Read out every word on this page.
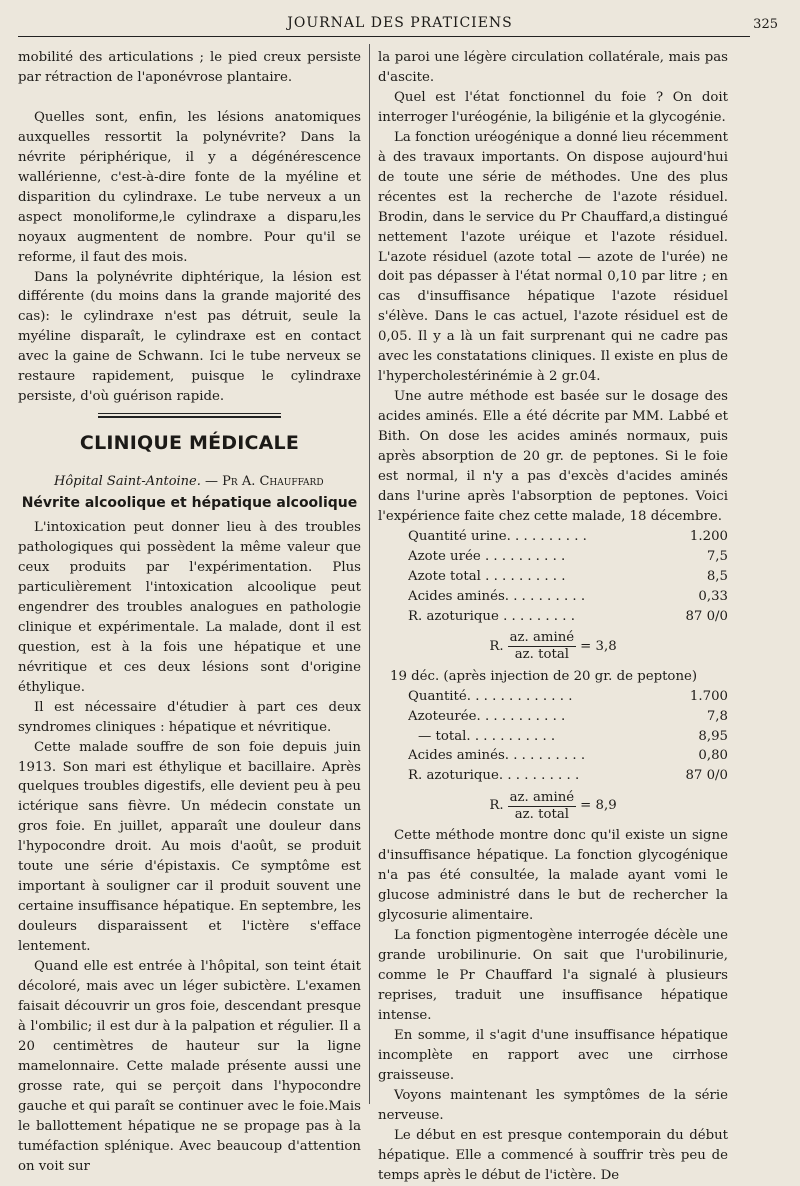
JOURNAL DES PRATICIENS	325

mobilité des articulations ; le pied creux persiste par rétraction de l'aponévrose plantaire.

Quelles sont, enfin, les lésions anatomiques auxquelles ressortit la polynévrite? Dans la névrite périphérique, il y a dégénérescence wallérienne, c'est-à-dire fonte de la myéline et disparition du cylindraxe. Le tube nerveux a un aspect monoliforme,le cylindraxe a disparu,les noyaux augmentent de nombre. Pour qu'il se reforme, il faut des mois.

Dans la polynévrite diphtérique, la lésion est différente (du moins dans la grande majorité des cas): le cylindraxe n'est pas détruit, seule la myéline disparaît, le cylindraxe est en contact avec la gaine de Schwann. Ici le tube nerveux se restaure rapidement, puisque le cylindraxe persiste, d'où guérison rapide.

CLINIQUE MÉDICALE
Hôpital Saint-Antoine. — Pr A. Chauffard
Névrite alcoolique et hépatique alcoolique

L'intoxication peut donner lieu à des troubles pathologiques qui possèdent la même valeur que ceux produits par l'expérimentation. Plus particulièrement l'intoxication alcoolique peut engendrer des troubles analogues en pathologie clinique et expérimentale. La malade, dont il est question, est à la fois une hépatique et une névritique et ces deux lésions sont d'origine éthylique.

Il est nécessaire d'étudier à part ces deux syndromes cliniques : hépatique et névritique.

Cette malade souffre de son foie depuis juin 1913. Son mari est éthylique et bacillaire. Après quelques troubles digestifs, elle devient peu à peu ictérique sans fièvre. Un médecin constate un gros foie. En juillet, apparaît une douleur dans l'hypocondre droit. Au mois d'août, se produit toute une série d'épistaxis. Ce symptôme est important à souligner car il produit souvent une certaine insuffisance hépatique. En septembre, les douleurs disparaissent et l'ictère s'efface lentement.

Quand elle est entrée à l'hôpital, son teint était décoloré, mais avec un léger subictère. L'examen faisait découvrir un gros foie, descendant presque à l'ombilic; il est dur à la palpation et régulier. Il a 20 centimètres de hauteur sur la ligne mamelonnaire. Cette malade présente aussi une grosse rate, qui se perçoit dans l'hypocondre gauche et qui paraît se continuer avec le foie.Mais le ballottement hépatique ne se propage pas à la tuméfaction splénique. Avec beaucoup d'attention on voit sur

la paroi une légère circulation collatérale, mais pas d'ascite.

Quel est l'état fonctionnel du foie ? On doit interroger l'uréogénie, la biligénie et la glycogénie.

La fonction uréogénique a donné lieu récemment à des travaux importants. On dispose aujourd'hui de toute une série de méthodes. Une des plus récentes est la recherche de l'azote résiduel. Brodin, dans le service du Pr Chauffard,a distingué nettement l'azote uréique et l'azote résiduel. L'azote résiduel (azote total — azote de l'urée) ne doit pas dépasser à l'état normal 0,10 par litre ; en cas d'insuffisance hépatique l'azote résiduel s'élève. Dans le cas actuel, l'azote résiduel est de 0,05. Il y a là un fait surprenant qui ne cadre pas avec les constatations cliniques. Il existe en plus de l'hypercholestérinémie à 2 gr.04.

Une autre méthode est basée sur le dosage des acides aminés. Elle a été décrite par MM. Labbé et Bith. On dose les acides aminés normaux, puis après absorption de 20 gr. de peptones. Si le foie est normal, il n'y a pas d'excès d'acides aminés dans l'urine après l'absorption de peptones. Voici l'expérience faite chez cette malade, 18 décembre.

Quantité urine. . . . . . . . . .	1.200
Azote urée . . . . . . . . . .	7,5
Azote total . . . . . . . . . .	8,5
Acides aminés. . . . . . . . . .	0,33
R. azoturique . . . . . . . . .	87 0/0
R. $\frac{az. aminé}{\text{az. total}} = 3,8$
19 déc. (après injection de 20 gr. de peptone)
Quantité. . . . . . . . . . . . .	1.700
Azoteurée. . . . . . . . . . .	7,8
— total. . . . . . . . . . .	8,95
Acides aminés. . . . . . . . . .	0,80
R. azoturique. . . . . . . . . .	87 0/0
R. $\frac{az. aminé}{\text{az. total}} = 8,9$

Cette méthode montre donc qu'il existe un signe d'insuffisance hépatique. La fonction glycogénique n'a pas été consultée, la malade ayant vomi le glucose administré dans le but de rechercher la glycosurie alimentaire.

La fonction pigmentogène interrogée décèle une grande urobilinurie. On sait que l'urobilinurie, comme le Pr Chauffard l'a signalé à plusieurs reprises, traduit une insuffisance hépatique intense.

En somme, il s'agit d'une insuffisance hépatique incomplète en rapport avec une cirrhose graisseuse.

Voyons maintenant les symptômes de la série nerveuse.

Le début en est presque contemporain du début hépatique. Elle a commencé à souffrir très peu de temps après le début de l'ictère. De
